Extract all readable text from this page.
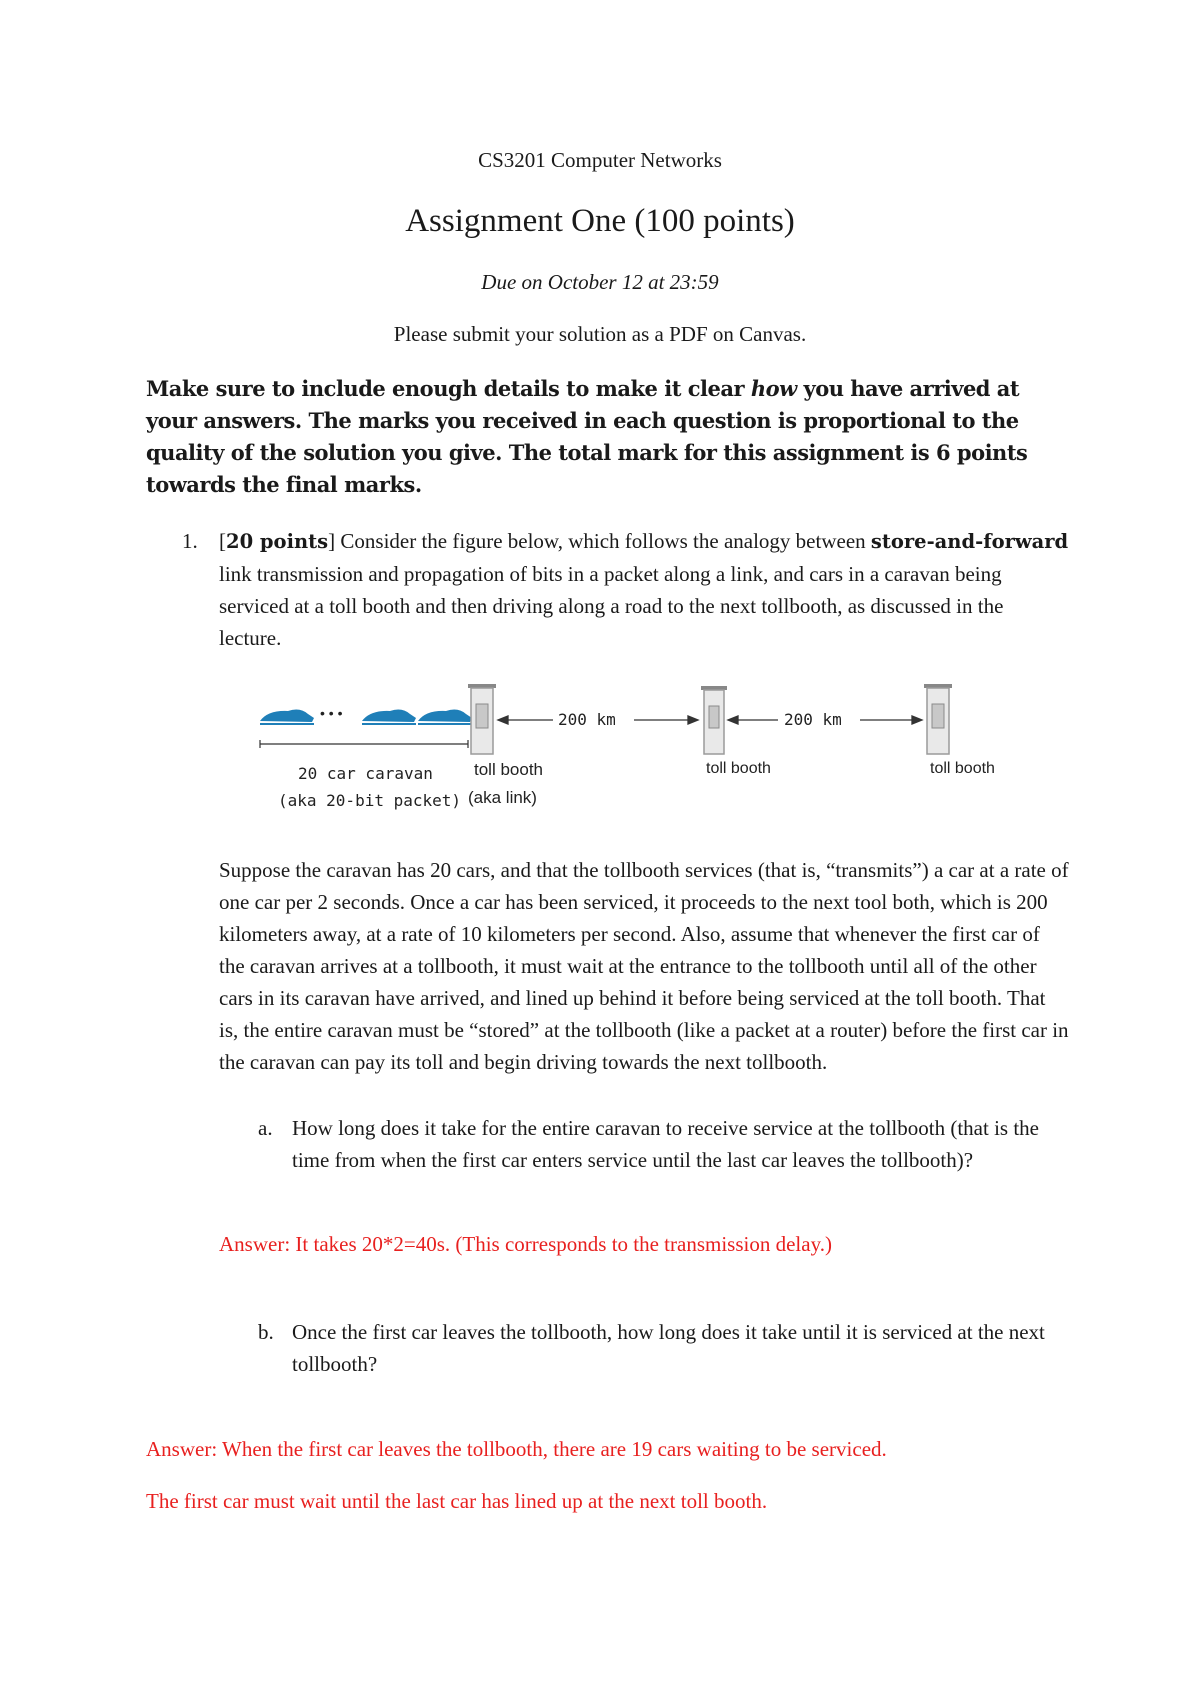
CS3201 Computer Networks
Assignment One (100 points)
Due on October 12 at 23:59
Please submit your solution as a PDF on Canvas.
Make sure to include enough details to make it clear how you have arrived at your answers. The marks you received in each question is proportional to the quality of the solution you give. The total mark for this assignment is 6 points towards the final marks.
1. [20 points] Consider the figure below, which follows the analogy between store-and-forward link transmission and propagation of bits in a packet along a link, and cars in a caravan being serviced at a toll booth and then driving along a road to the next tollbooth, as discussed in the lecture.
• • •	200 km	200 km
20 car caravan
(aka 20-bit packet)
toll booth
(aka link)
toll booth	toll booth
Suppose the caravan has 20 cars, and that the tollbooth services (that is, “transmits”) a car at a rate of one car per 2 seconds. Once a car has been serviced, it proceeds to the next tool both, which is 200 kilometers away, at a rate of 10 kilometers per second. Also, assume that whenever the first car of the caravan arrives at a tollbooth, it must wait at the entrance to the tollbooth until all of the other cars in its caravan have arrived, and lined up behind it before being serviced at the toll booth. That is, the entire caravan must be “stored” at the tollbooth (like a packet at a router) before the first car in the caravan can pay its toll and begin driving towards the next tollbooth.
a. How long does it take for the entire caravan to receive service at the tollbooth (that is the time from when the first car enters service until the last car leaves the tollbooth)?
Answer: It takes 20*2=40s. (This corresponds to the transmission delay.)
b. Once the first car leaves the tollbooth, how long does it take until it is serviced at the next tollbooth?
Answer: When the first car leaves the tollbooth, there are 19 cars waiting to be serviced.
The first car must wait until the last car has lined up at the next toll booth.
